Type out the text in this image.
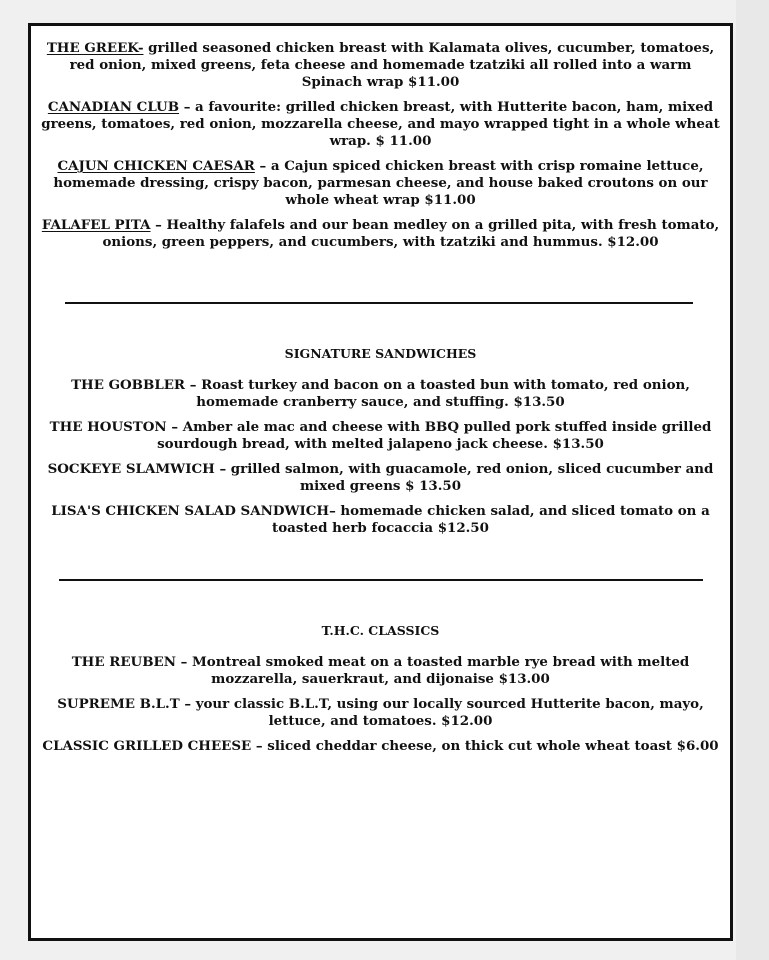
THE GREEK- grilled seasoned chicken breast with Kalamata olives, cucumber, tomatoes, red onion, mixed greens, feta cheese and homemade tzatziki all rolled into a warm Spinach wrap $11.00
CANADIAN CLUB – a favourite: grilled chicken breast, with Hutterite bacon, ham, mixed greens, tomatoes, red onion, mozzarella cheese, and mayo wrapped tight in a whole wheat wrap. $ 11.00
CAJUN CHICKEN CAESAR – a Cajun spiced chicken breast with crisp romaine lettuce, homemade dressing, crispy bacon, parmesan cheese, and house baked croutons on our whole wheat wrap $11.00
FALAFEL PITA – Healthy falafels and our bean medley on a grilled pita, with fresh tomato, onions, green peppers, and cucumbers, with tzatziki and hummus. $12.00
SIGNATURE SANDWICHES
THE GOBBLER – Roast turkey and bacon on a toasted bun with tomato, red onion, homemade cranberry sauce, and stuffing. $13.50
THE HOUSTON – Amber ale mac and cheese with BBQ pulled pork stuffed inside grilled sourdough bread, with melted jalapeno jack cheese. $13.50
SOCKEYE SLAMWICH – grilled salmon, with guacamole, red onion, sliced cucumber and mixed greens $ 13.50
LISA'S CHICKEN SALAD SANDWICH– homemade chicken salad, and sliced tomato on a toasted herb focaccia $12.50
T.H.C. CLASSICS
THE REUBEN – Montreal smoked meat on a toasted marble rye bread with melted mozzarella, sauerkraut, and dijonaise $13.00
SUPREME B.L.T – your classic B.L.T, using our locally sourced Hutterite bacon, mayo, lettuce, and tomatoes. $12.00
CLASSIC GRILLED CHEESE – sliced cheddar cheese, on thick cut whole wheat toast $6.00
